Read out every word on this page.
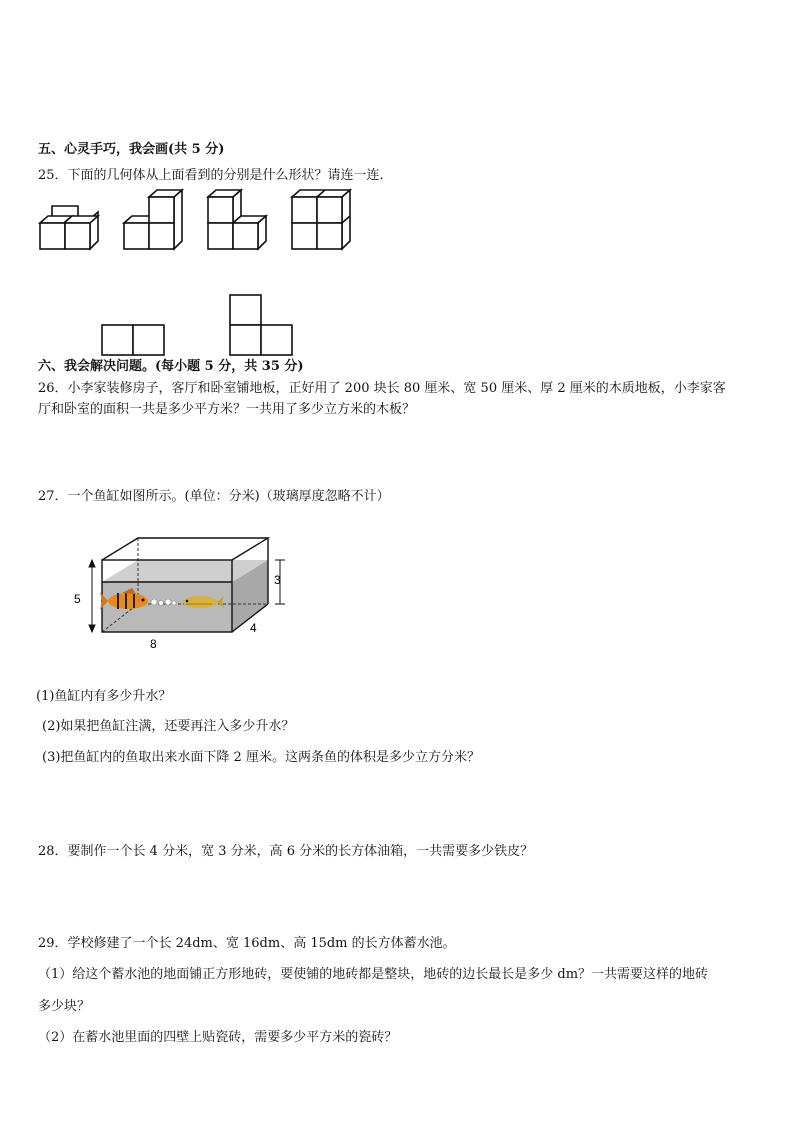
五、心灵手巧，我会画(共 5 分)
25．下面的几何体从上面看到的分别是什么形状？请连一连．
六、我会解决问题。(每小题 5 分，共 35 分)
26．小李家装修房子，客厅和卧室铺地板，正好用了 200 块长 80 厘米、宽 50 厘米、厚 2 厘米的木质地板，小李家客
厅和卧室的面积一共是多少平方米？一共用了多少立方米的木板？
27．一个鱼缸如图所示。(单位：分米)（玻璃厚度忽略不计）
5
3
8
4
(1)鱼缸内有多少升水？
(2)如果把鱼缸注满，还要再注入多少升水？
(3)把鱼缸内的鱼取出来水面下降 2 厘米。这两条鱼的体积是多少立方分米？
28．要制作一个长 4 分米，宽 3 分米，高 6 分米的长方体油箱，一共需要多少铁皮？
29．学校修建了一个长 24dm、宽 16dm、高 15dm 的长方体蓄水池。
（1）给这个蓄水池的地面铺正方形地砖，要使铺的地砖都是整块，地砖的边长最长是多少 dm？一共需要这样的地砖
多少块？
（2）在蓄水池里面的四壁上贴瓷砖，需要多少平方米的瓷砖？
